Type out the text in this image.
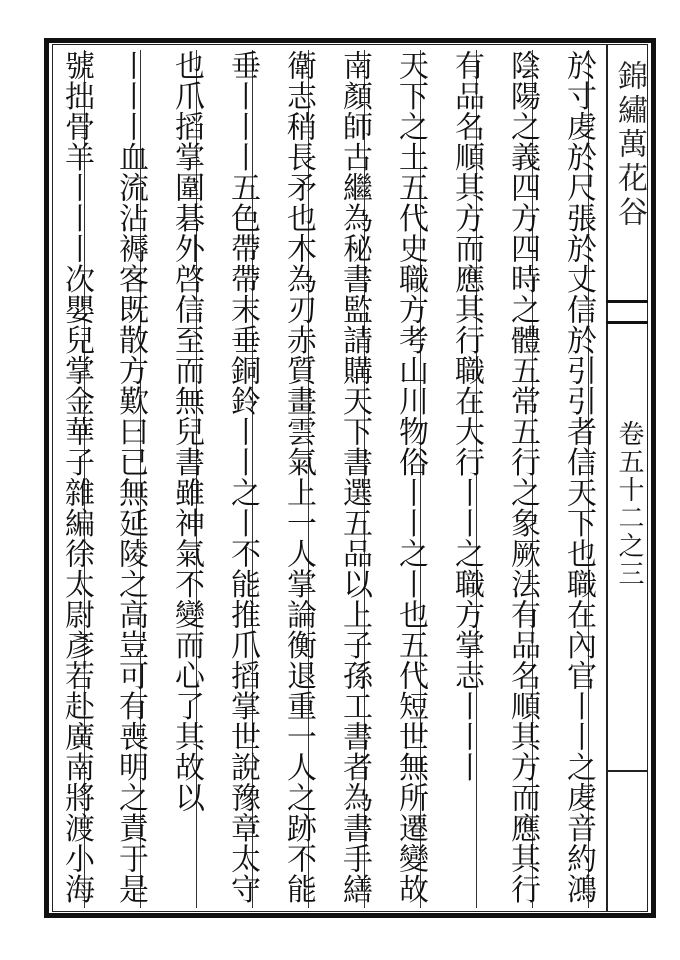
錦繡萬花谷
卷五十二之三
於寸䖍於尺張於丈信於引引者信天下也職在內官丨丨之䖍音約鴻
陰陽之義四方四時之體五常五行之象厥法有品名順其方而應其行
有品名順其方而應其行職在大行丨丨之職方掌志丨丨丨
天下之土五代史職方考山川物俗丨丨之丨也五代短世無所遷變故
南顏師古繼為秘書監請購天下書選五品以上子孫工書者為書手繕
衛志稍長矛也木為刃赤質畫雲氣上一人掌論衡退重一人之跡不能
垂丨丨丨五色帶帶末垂銅鈴丨丨之丨不能推爪搯掌世說豫章太守
也爪搯掌圍碁外啓信至而無兒書雖神氣不變而心了其故以
丨丨丨血流沾褥客既散方歎曰已無延陵之高豈可有喪明之責于是
號拙骨羊丨丨丨次嬰兒掌金華子雜編徐太尉彥若赴廣南將渡小海
